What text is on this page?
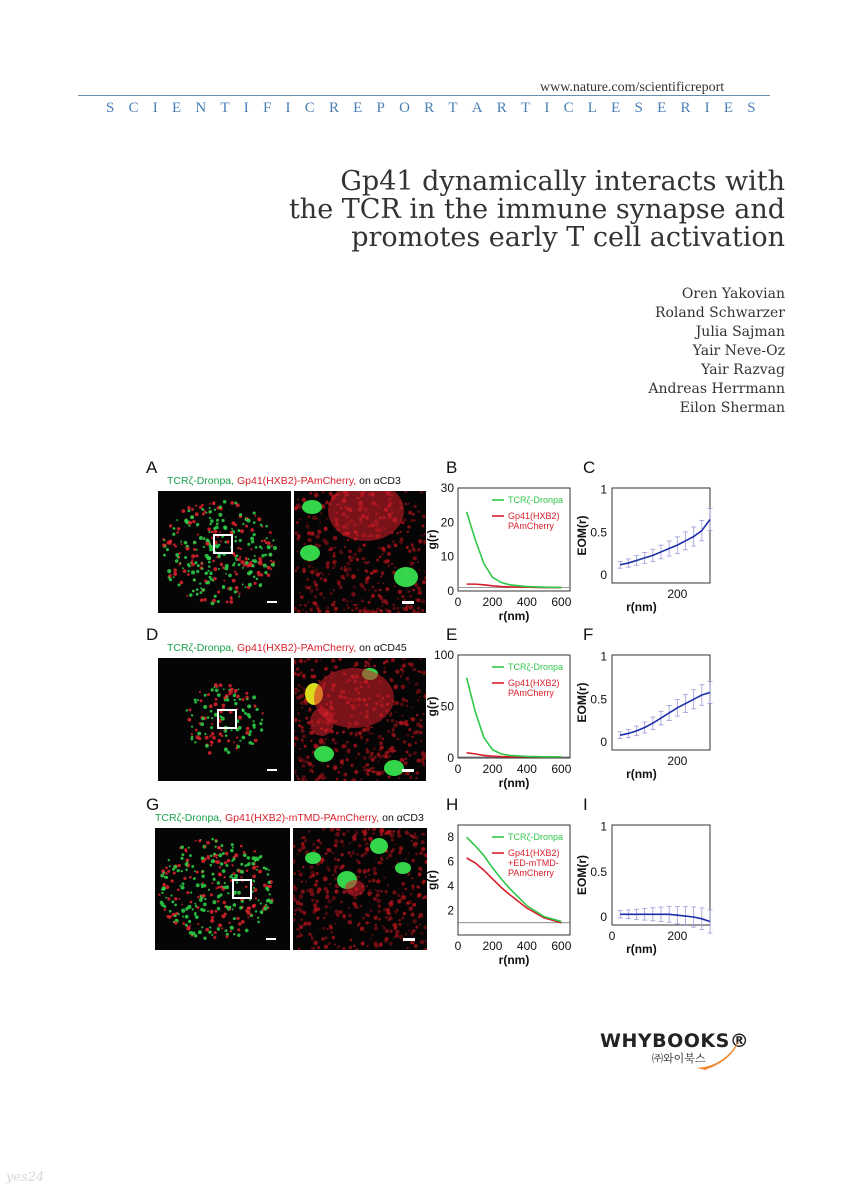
www.nature.com/scientificreport
S C I E N T I F I C R E P O R T A R T I C L E S E R I E S
Gp41 dynamically interacts with
the TCR in the immune synapse and
promotes early T cell activation
Oren Yakovian
Roland Schwarzer
Julia Sajman
Yair Neve-Oz
Yair Razvag
Andreas Herrmann
Eilon Sherman
A	B	C
TCRζ-Dronpa, Gp41(HXB2)-PAmCherry, on αCD3	30
20
10
0
0 200 400 600
r(nm)
g(r)
TCRζ-Dronpa
Gp41(HXB2)
PAmCherry
1
0.5
0
200
r(nm)
EOM(r)
D	E	F
TCRζ-Dronpa, Gp41(HXB2)-PAmCherry, on αCD45 100
50
0
0 200 400 600
r(nm)
g(r)
TCRζ-Dronpa
Gp41(HXB2)
PAmCherry
1
0.5
0
200
r(nm)
EOM(r)
G	H	I
TCRζ-Dronpa, Gp41(HXB2)-mTMD-PAmCherry, on αCD3
8
6
4
2
0 200 400 600
r(nm)
g(r)
TCRζ-Dronpa
Gp41(HXB2)
+ED-mTMD-
PAmCherry
1
0.5
0
0	200
r(nm)
EOM(r)
WHYBOOKS®
㈜와이북스
yes24
